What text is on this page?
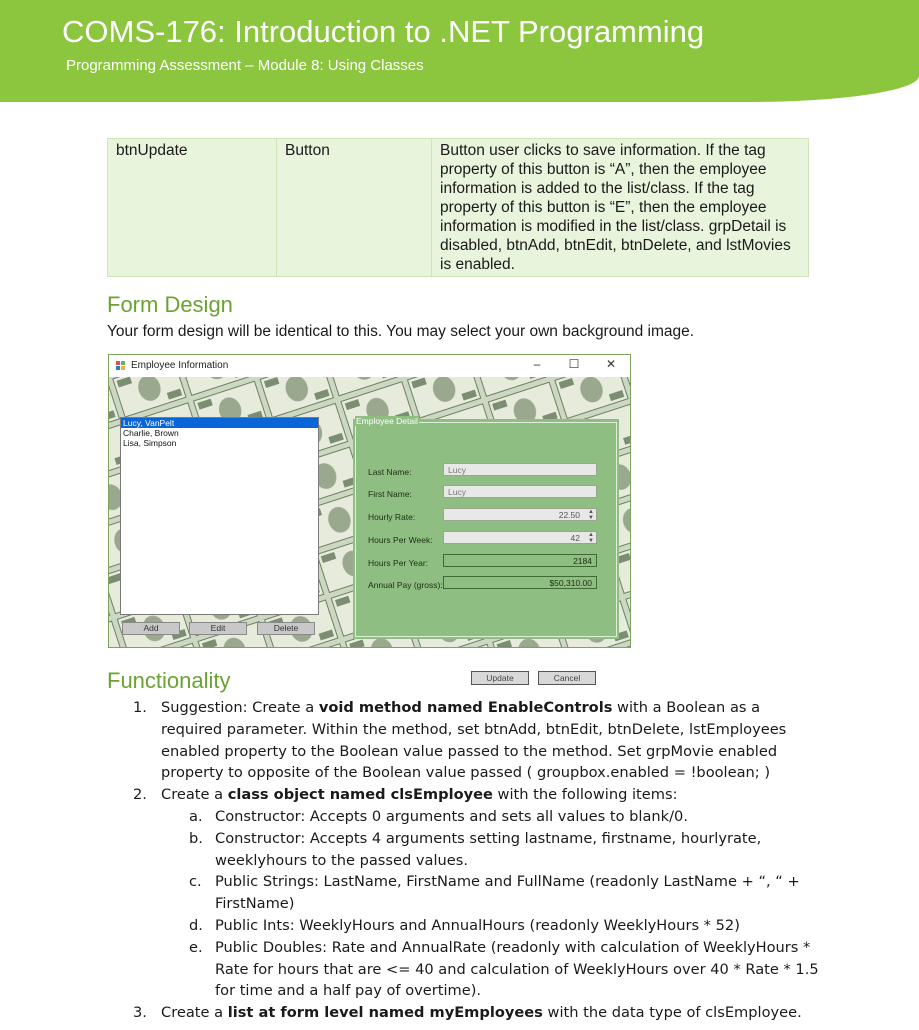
COMS-176: Introduction to .NET Programming
Programming Assessment – Module 8: Using Classes
btnUpdate	Button	Button user clicks to save information. If the tag property of this button is “A”, then the employee information is added to the list/class. If the tag property of this button is “E”, then the employee information is modified in the list/class. grpDetail is disabled, btnAdd, btnEdit, btnDelete, and lstMovies is enabled.
Form Design
Your form design will be identical to this. You may select your own background image.
Employee Information	–	☐ ✕
Lucy, VanPelt
Charlie, Brown
Lisa, Simpson
Add	Edit	Delete
Employee Detail
Last Name:	Lucy
First Name:	Lucy
Hourly Rate:	22.50 ▲
▼
Hours Per Week:	42 ▲
▼
Hours Per Year:	2184
Annual Pay (gross):	$50,310.00
Update	Cancel
Functionality
1. Suggestion: Create a void method named EnableControls with a Boolean as a required parameter. Within the method, set btnAdd, btnEdit, btnDelete, lstEmployees enabled property to the Boolean value passed to the method. Set grpMovie enabled property to opposite of the Boolean value passed ( groupbox.enabled = !boolean; )
2. Create a class object named clsEmployee with the following items:
a. Constructor: Accepts 0 arguments and sets all values to blank/0.
b. Constructor: Accepts 4 arguments setting lastname, firstname, hourlyrate, weeklyhours to the passed values.
c. Public Strings: LastName, FirstName and FullName (readonly LastName + “, “ + FirstName)
d. Public Ints: WeeklyHours and AnnualHours (readonly WeeklyHours * 52)
e. Public Doubles: Rate and AnnualRate (readonly with calculation of WeeklyHours * Rate for hours that are <= 40 and calculation of WeeklyHours over 40 * Rate * 1.5 for time and a half pay of overtime).
3. Create a list at form level named myEmployees with the data type of clsEmployee.
